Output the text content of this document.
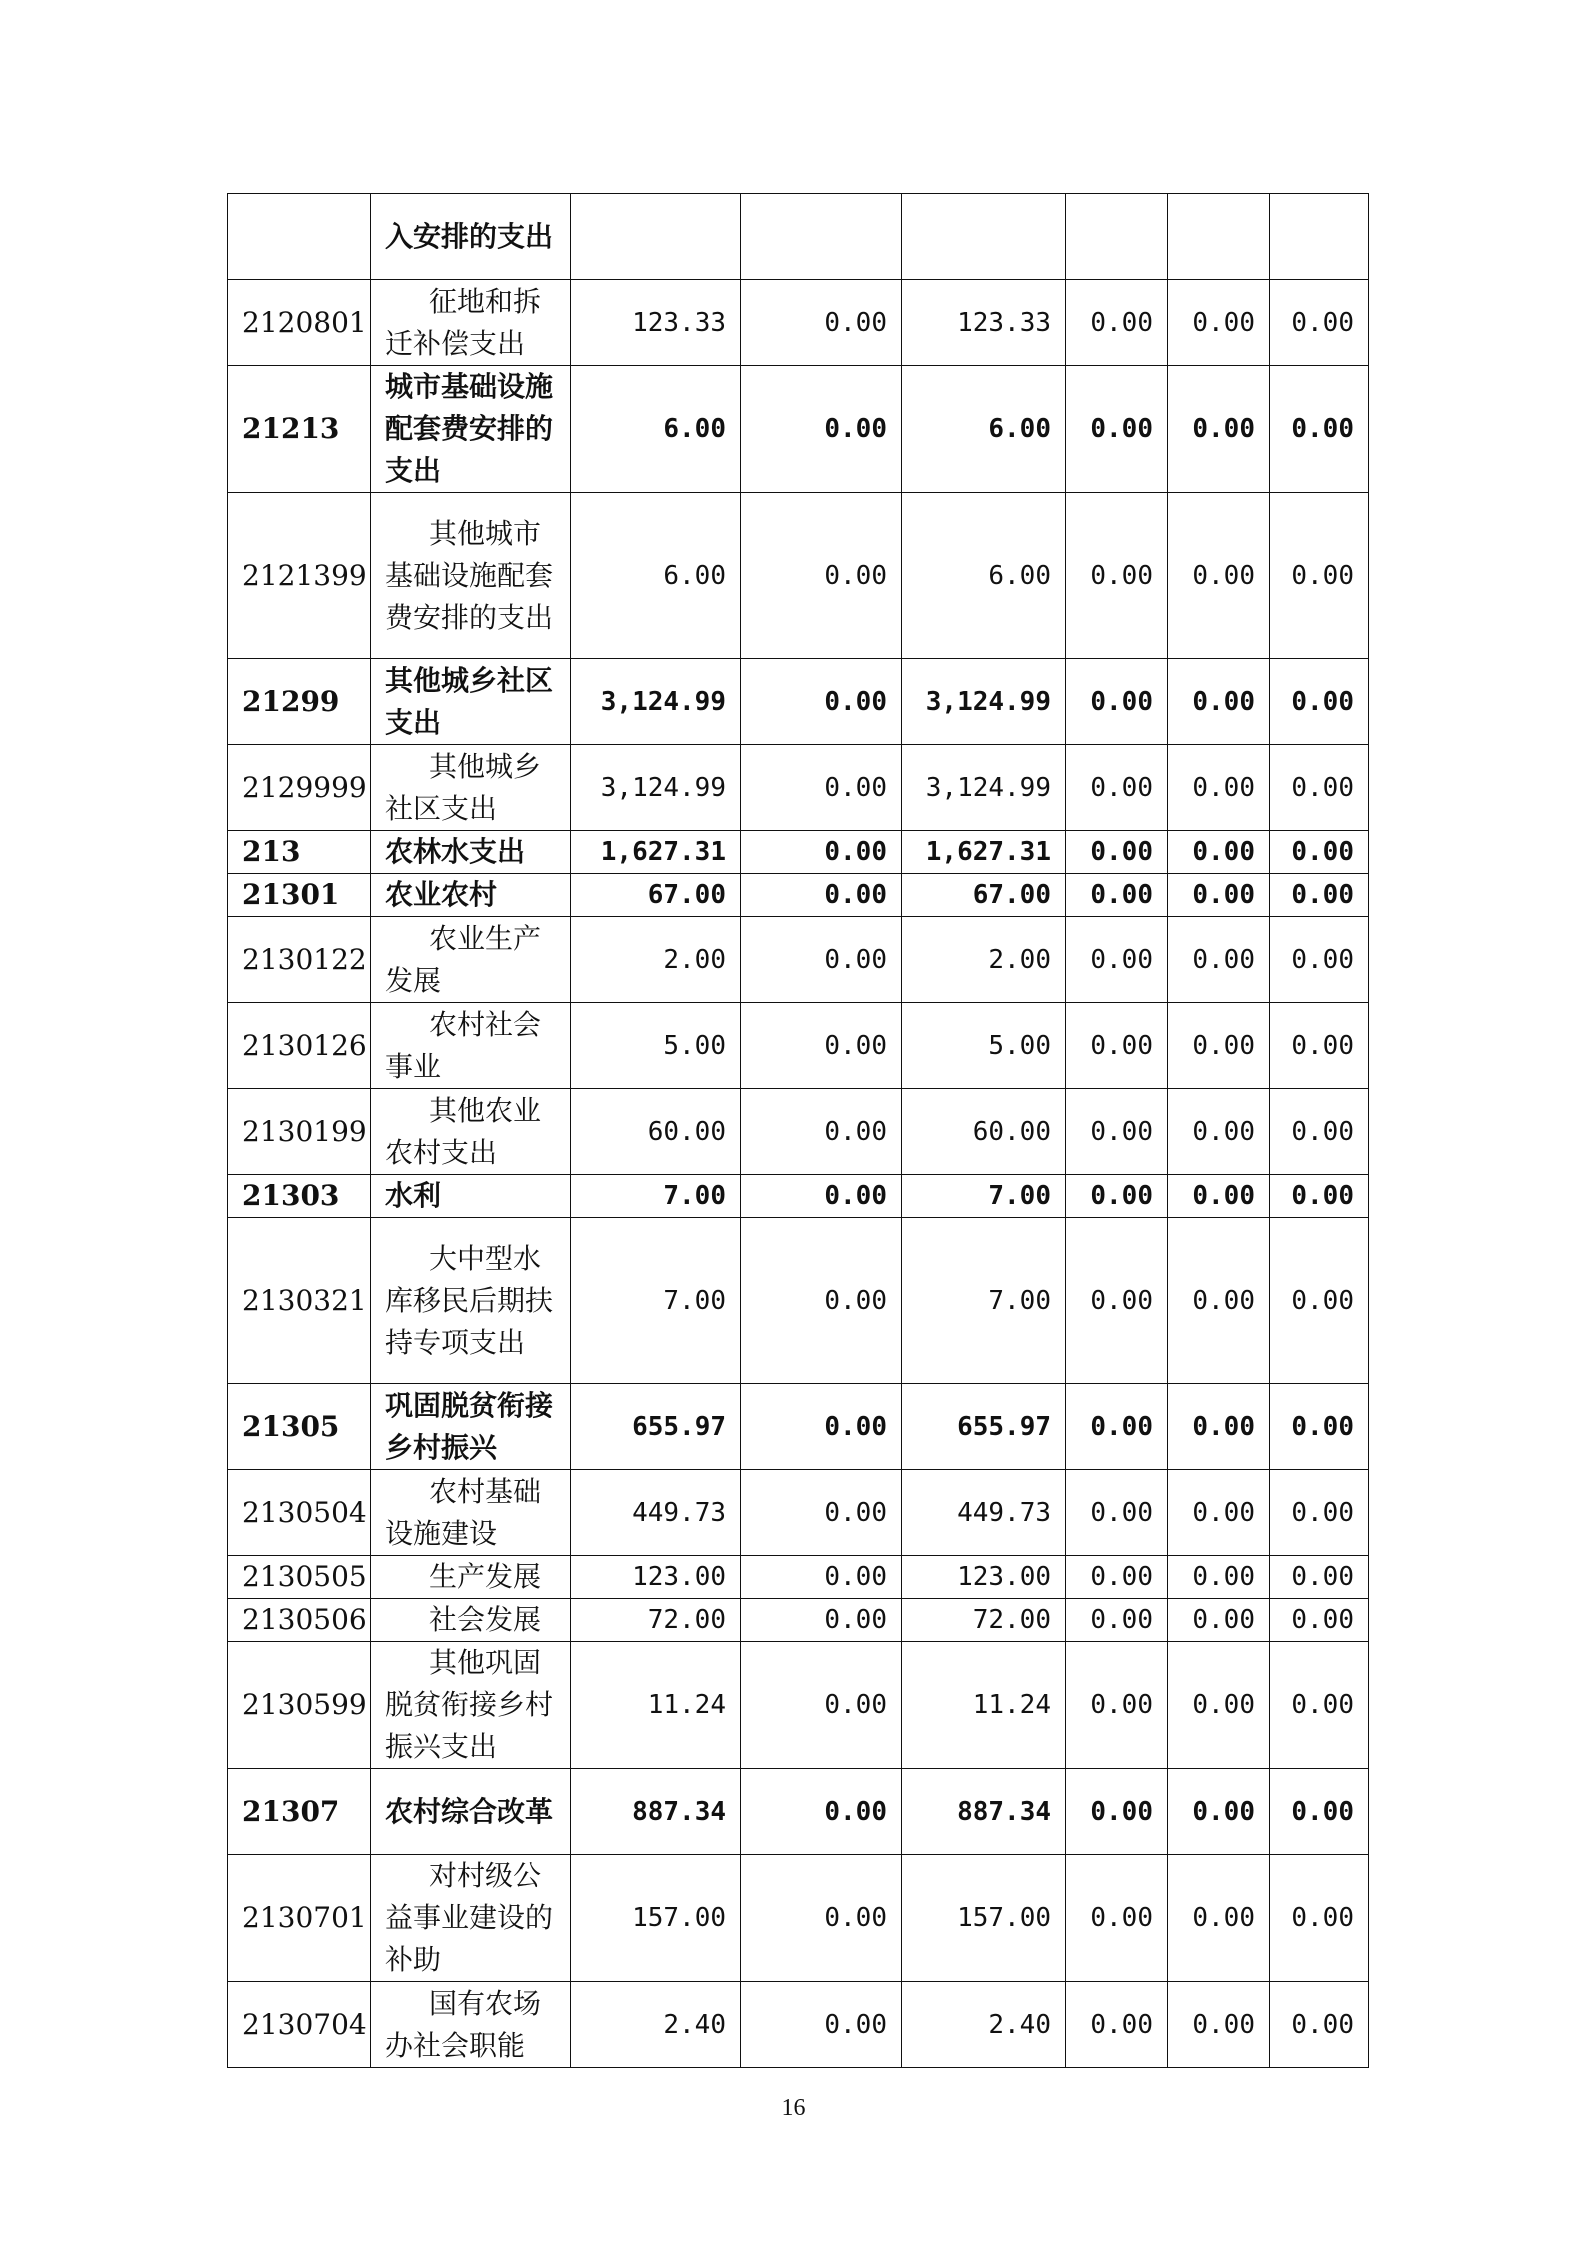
	入安排的支出						
2120801	征地和拆迁补偿支出	123.33	0.00	123.33	0.00	0.00	0.00
21213	城市基础设施配套费安排的支出	6.00	0.00	6.00	0.00	0.00	0.00
2121399	其他城市基础设施配套费安排的支出	6.00	0.00	6.00	0.00	0.00	0.00
21299	其他城乡社区支出	3,124.99	0.00	3,124.99	0.00	0.00	0.00
2129999	其他城乡社区支出	3,124.99	0.00	3,124.99	0.00	0.00	0.00
213	农林水支出	1,627.31	0.00	1,627.31	0.00	0.00	0.00
21301	农业农村	67.00	0.00	67.00	0.00	0.00	0.00
2130122	农业生产发展	2.00	0.00	2.00	0.00	0.00	0.00
2130126	农村社会事业	5.00	0.00	5.00	0.00	0.00	0.00
2130199	其他农业农村支出	60.00	0.00	60.00	0.00	0.00	0.00
21303	水利	7.00	0.00	7.00	0.00	0.00	0.00
2130321	大中型水库移民后期扶持专项支出	7.00	0.00	7.00	0.00	0.00	0.00
21305	巩固脱贫衔接乡村振兴	655.97	0.00	655.97	0.00	0.00	0.00
2130504	农村基础设施建设	449.73	0.00	449.73	0.00	0.00	0.00
2130505	生产发展	123.00	0.00	123.00	0.00	0.00	0.00
2130506	社会发展	72.00	0.00	72.00	0.00	0.00	0.00
2130599	其他巩固脱贫衔接乡村振兴支出	11.24	0.00	11.24	0.00	0.00	0.00
21307	农村综合改革	887.34	0.00	887.34	0.00	0.00	0.00
2130701	对村级公益事业建设的补助	157.00	0.00	157.00	0.00	0.00	0.00
2130704	国有农场办社会职能	2.40	0.00	2.40	0.00	0.00	0.00
16
